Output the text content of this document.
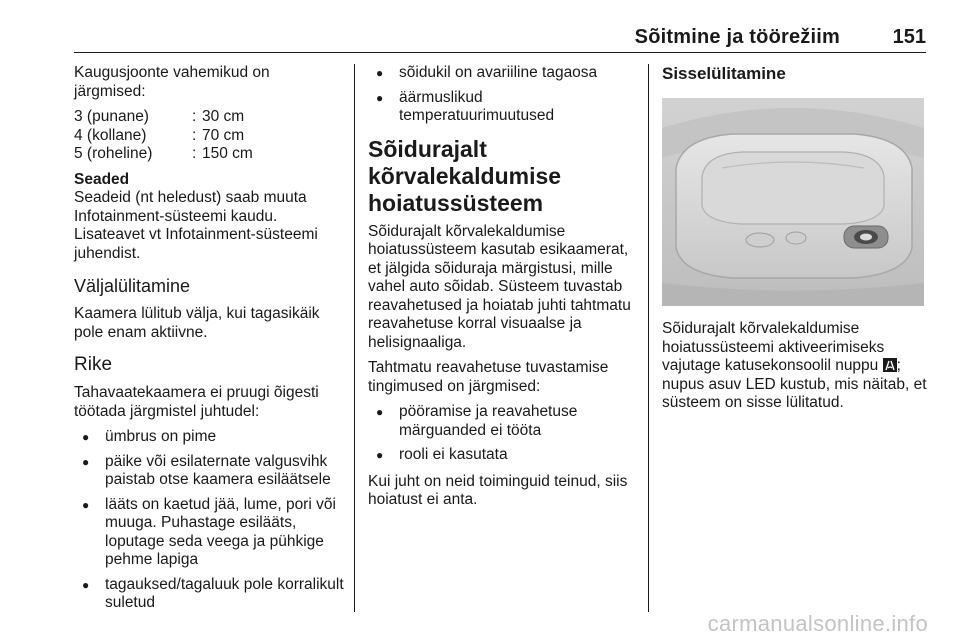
Sõitmine ja töörežiim	151

Kaugusjoonte vahemikud on järgmised:

3 (punane)	: 30 cm
4 (kollane)	: 70 cm
5 (roheline)	: 150 cm
Seaded

Seadeid (nt heledust) saab muuta Infotainment-süsteemi kaudu. Lisateavet vt Infotainment-süsteemi juhendist.

Väljalülitamine

Kaamera lülitub välja, kui tagasikäik pole enam aktiivne.

Rike

Tahavaatekaamera ei pruugi õigesti töötada järgmistel juhtudel:

● ümbrus on pime
● päike või esilaternate valgusvihk paistab otse kaamera esiläätsele
● lääts on kaetud jää, lume, pori või muuga. Puhastage esilääts, loputage seda veega ja pühkige pehme lapiga
● tagauksed/tagaluuk pole korralikult suletud
● sõidukil on avariiline tagaosa
● äärmuslikud temperatuurimuutused
Sõidurajalt kõrvalekaldumise hoiatussüsteem

Sõidurajalt kõrvalekaldumise hoiatussüsteem kasutab esikaamerat, et jälgida sõiduraja märgistusi, mille vahel auto sõidab. Süsteem tuvastab reavahetused ja hoiatab juhti tahtmatu reavahetuse korral visuaalse ja helisignaaliga.

Tahtmatu reavahetuse tuvastamise tingimused on järgmised:

● pööramise ja reavahetuse märguanded ei tööta
● rooli ei kasutata

Kui juht on neid toiminguid teinud, siis hoiatust ei anta.

Sisselülitamine

Sõidurajalt kõrvalekaldumise hoiatussüsteemi aktiveerimiseks vajutage katusekonsoolil nuppu ; nupus asuv LED kustub, mis näitab, et süsteem on sisse lülitatud.

carmanualsonline.info
